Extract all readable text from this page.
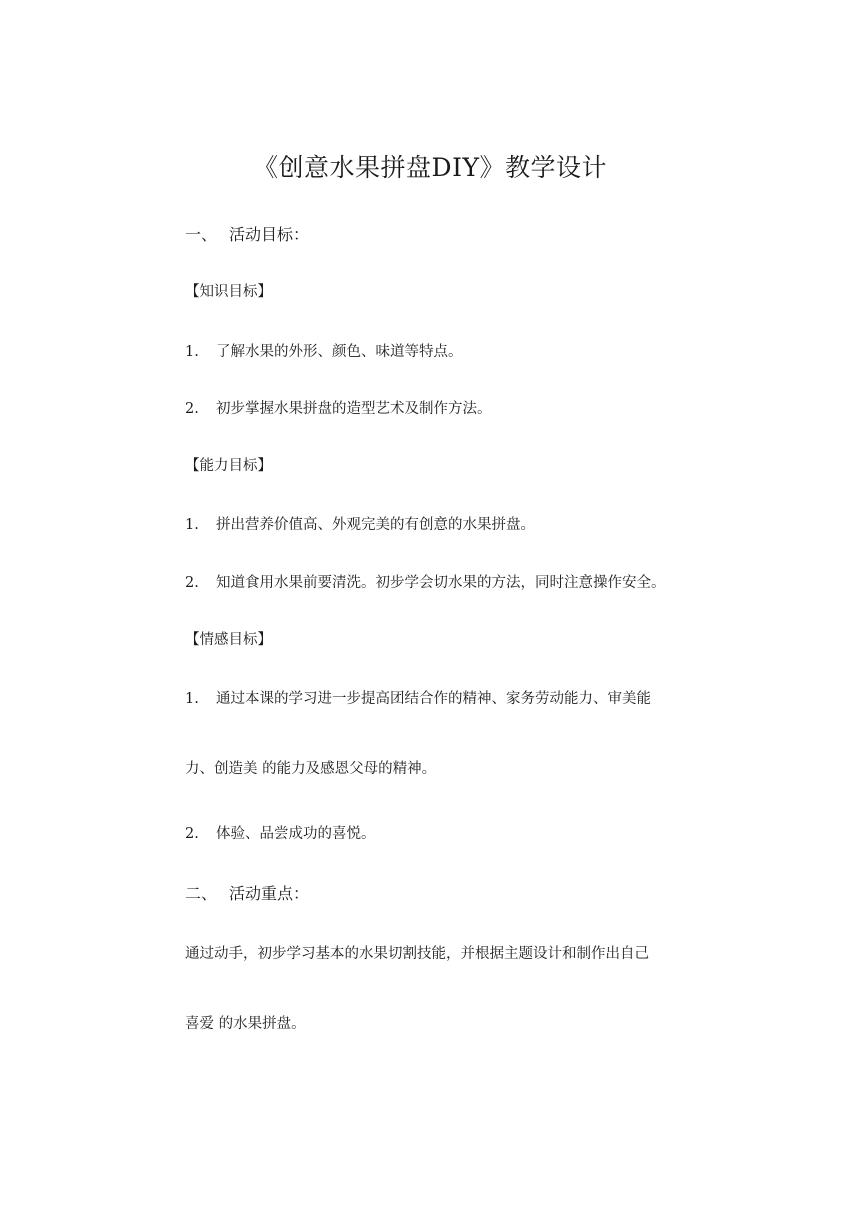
《创意水果拼盘DIY》教学设计
一、 活动目标：
【知识目标】
1. 了解水果的外形、颜色、味道等特点。
2. 初步掌握水果拼盘的造型艺术及制作方法。
【能力目标】
1. 拼出营养价值高、外观完美的有创意的水果拼盘。
2. 知道食用水果前要清洗。初步学会切水果的方法，同时注意操作安全。
【情感目标】
1. 通过本课的学习进一步提高团结合作的精神、家务劳动能力、审美能
力、创造美 的能力及感恩父母的精神。
2. 体验、品尝成功的喜悦。
二、 活动重点：
通过动手，初步学习基本的水果切割技能，并根据主题设计和制作出自己
喜爱 的水果拼盘。
